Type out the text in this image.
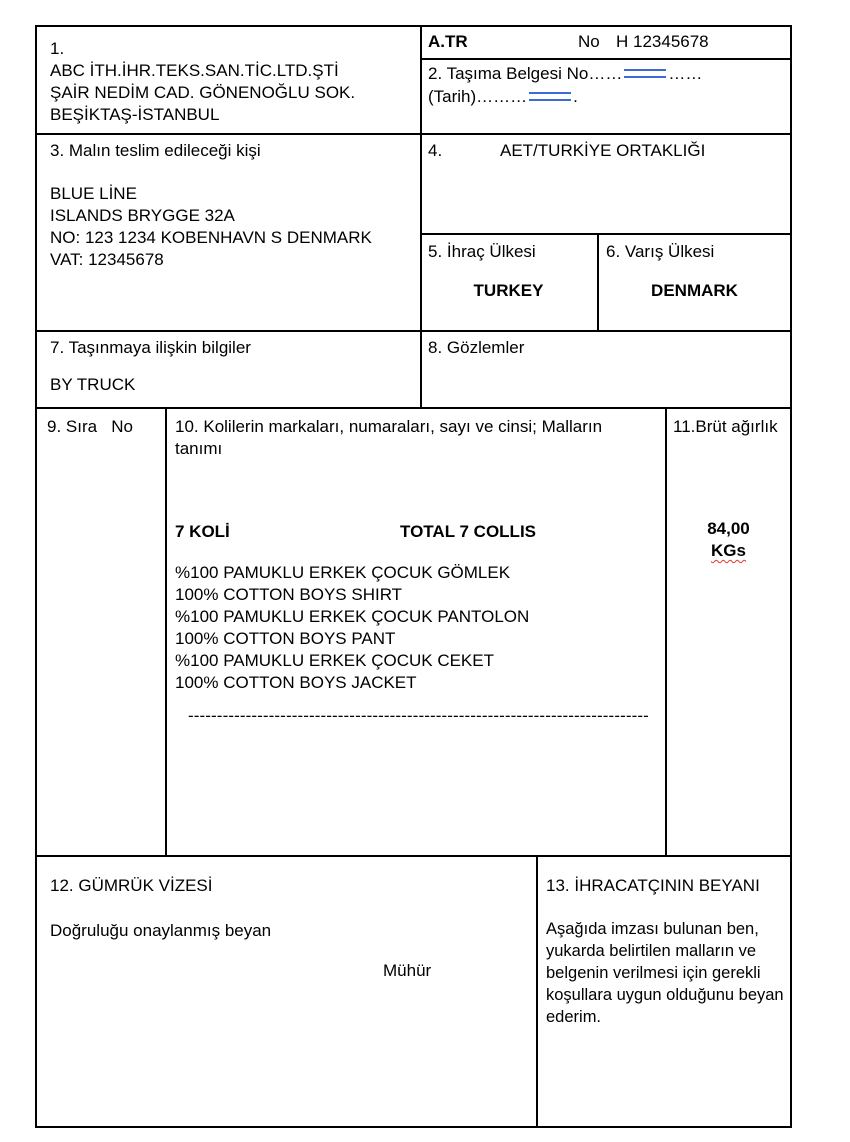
1.
ABC İTH.İHR.TEKS.SAN.TİC.LTD.ŞTİ
ŞAİR NEDİM CAD. GÖNENOĞLU SOK.
BEŞİKTAŞ-İSTANBUL
A.TR	No H 12345678
2. Taşıma Belgesi No……	……
(Tarih)………	.
3. Malın teslim edileceği kişi
BLUE LİNE
ISLANDS BRYGGE 32A
NO: 123 1234 KOBENHAVN S DENMARK
VAT: 12345678
4.	AET/TURKİYE ORTAKLIĞI
5. İhraç Ülkesi
TURKEY
6. Varış Ülkesi
DENMARK
7. Taşınmaya ilişkin bilgiler
BY TRUCK
8. Gözlemler
9. Sıra   No 10. Kolilerin markaları, numaraları, sayı ve cinsi; Malların tanımı
7 KOLİ	TOTAL 7 COLLIS
%100 PAMUKLU ERKEK ÇOCUK GÖMLEK
100% COTTON BOYS SHIRT
%100 PAMUKLU ERKEK ÇOCUK PANTOLON
100% COTTON BOYS PANT
%100 PAMUKLU ERKEK ÇOCUK CEKET
100% COTTON BOYS JACKET
--------------------------------------------------------------------------------
11.Brüt ağırlık
84,00
KGs
12. GÜMRÜK VİZESİ
Doğruluğu onaylanmış beyan
Mühür
13. İHRACATÇININ BEYANI
Aşağıda imzası bulunan ben, yukarda belirtilen malların ve belgenin verilmesi için gerekli koşullara uygun olduğunu beyan ederim.
